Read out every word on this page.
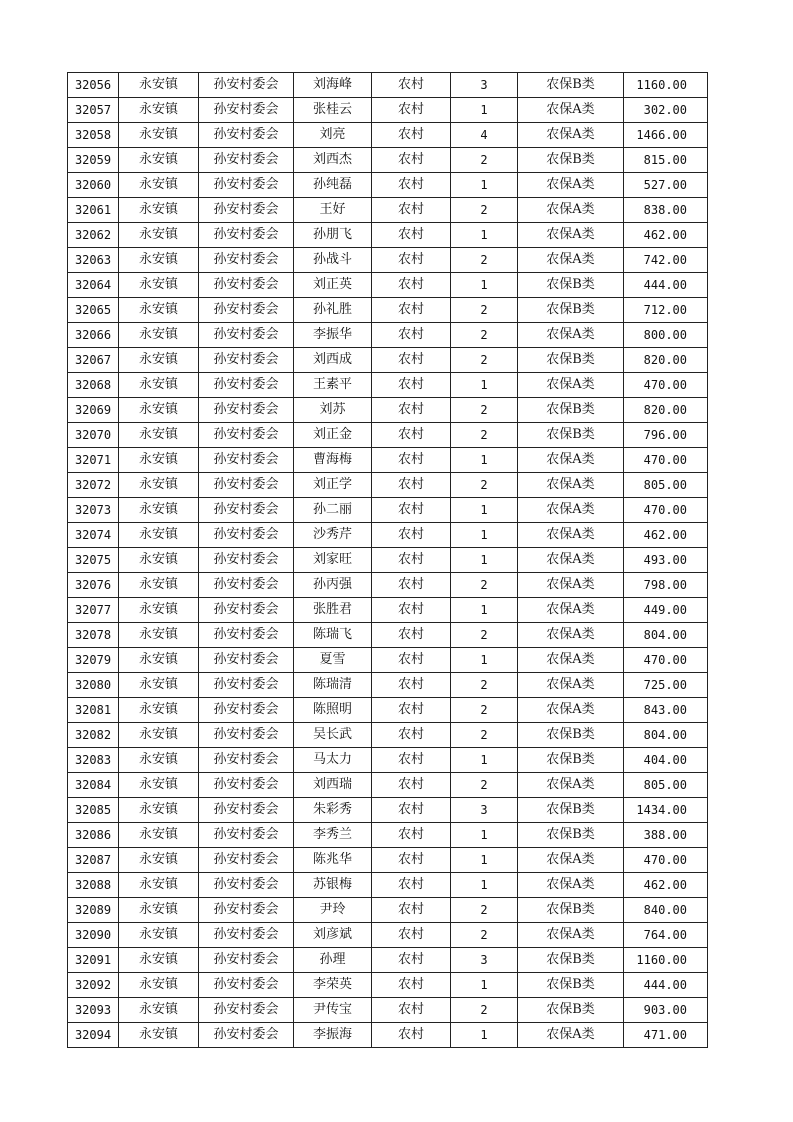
32056	永安镇	孙安村委会	刘海峰	农村	3	农保B类	1160.00
32057	永安镇	孙安村委会	张桂云	农村	1	农保A类	302.00
32058	永安镇	孙安村委会	刘亮	农村	4	农保A类	1466.00
32059	永安镇	孙安村委会	刘西杰	农村	2	农保B类	815.00
32060	永安镇	孙安村委会	孙纯磊	农村	1	农保A类	527.00
32061	永安镇	孙安村委会	王好	农村	2	农保A类	838.00
32062	永安镇	孙安村委会	孙朋飞	农村	1	农保A类	462.00
32063	永安镇	孙安村委会	孙战斗	农村	2	农保A类	742.00
32064	永安镇	孙安村委会	刘正英	农村	1	农保B类	444.00
32065	永安镇	孙安村委会	孙礼胜	农村	2	农保B类	712.00
32066	永安镇	孙安村委会	李振华	农村	2	农保A类	800.00
32067	永安镇	孙安村委会	刘西成	农村	2	农保B类	820.00
32068	永安镇	孙安村委会	王素平	农村	1	农保A类	470.00
32069	永安镇	孙安村委会	刘苏	农村	2	农保B类	820.00
32070	永安镇	孙安村委会	刘正金	农村	2	农保B类	796.00
32071	永安镇	孙安村委会	曹海梅	农村	1	农保A类	470.00
32072	永安镇	孙安村委会	刘正学	农村	2	农保A类	805.00
32073	永安镇	孙安村委会	孙二丽	农村	1	农保A类	470.00
32074	永安镇	孙安村委会	沙秀芹	农村	1	农保A类	462.00
32075	永安镇	孙安村委会	刘家旺	农村	1	农保A类	493.00
32076	永安镇	孙安村委会	孙丙强	农村	2	农保A类	798.00
32077	永安镇	孙安村委会	张胜君	农村	1	农保A类	449.00
32078	永安镇	孙安村委会	陈瑞飞	农村	2	农保A类	804.00
32079	永安镇	孙安村委会	夏雪	农村	1	农保A类	470.00
32080	永安镇	孙安村委会	陈瑞清	农村	2	农保A类	725.00
32081	永安镇	孙安村委会	陈照明	农村	2	农保A类	843.00
32082	永安镇	孙安村委会	吴长武	农村	2	农保B类	804.00
32083	永安镇	孙安村委会	马太力	农村	1	农保B类	404.00
32084	永安镇	孙安村委会	刘西瑞	农村	2	农保A类	805.00
32085	永安镇	孙安村委会	朱彩秀	农村	3	农保B类	1434.00
32086	永安镇	孙安村委会	李秀兰	农村	1	农保B类	388.00
32087	永安镇	孙安村委会	陈兆华	农村	1	农保A类	470.00
32088	永安镇	孙安村委会	苏银梅	农村	1	农保A类	462.00
32089	永安镇	孙安村委会	尹玲	农村	2	农保B类	840.00
32090	永安镇	孙安村委会	刘彦斌	农村	2	农保A类	764.00
32091	永安镇	孙安村委会	孙理	农村	3	农保B类	1160.00
32092	永安镇	孙安村委会	李荣英	农村	1	农保B类	444.00
32093	永安镇	孙安村委会	尹传宝	农村	2	农保B类	903.00
32094	永安镇	孙安村委会	李振海	农村	1	农保A类	471.00
